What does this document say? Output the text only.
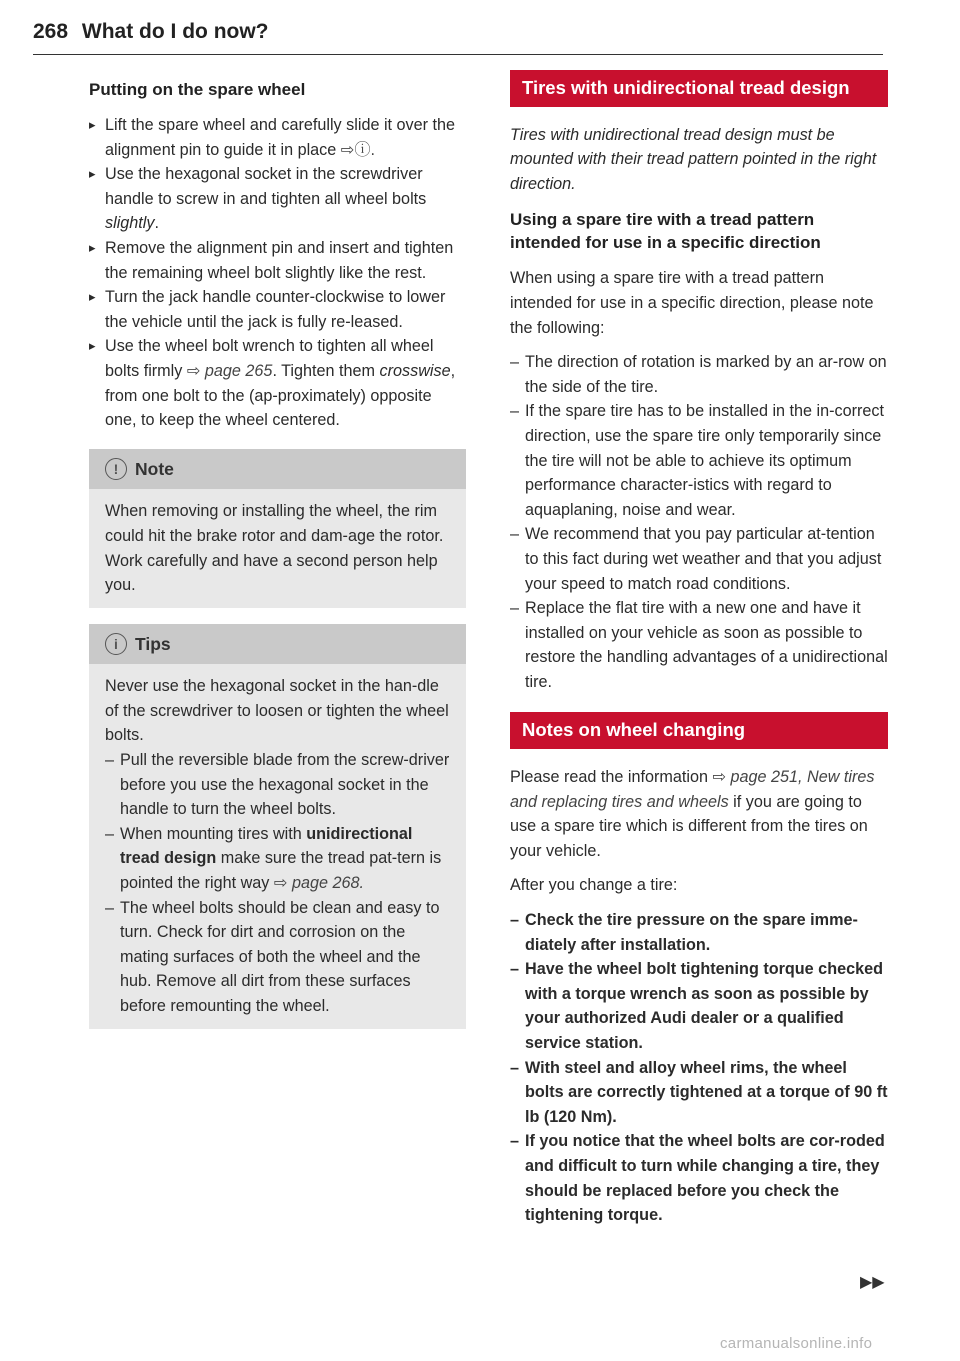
268 What do I do now?
Putting on the spare wheel
▸ Lift the spare wheel and carefully slide it over the alignment pin to guide it in place ⇨ⓘ.
▸ Use the hexagonal socket in the screwdriver handle to screw in and tighten all wheel bolts slightly.
▸ Remove the alignment pin and insert and tighten the remaining wheel bolt slightly like the rest.
▸ Turn the jack handle counter-clockwise to lower the vehicle until the jack is fully re-leased.
▸ Use the wheel bolt wrench to tighten all wheel bolts firmly ⇨ page 265. Tighten them crosswise, from one bolt to the (ap-proximately) opposite one, to keep the wheel centered.
! Note
When removing or installing the wheel, the rim could hit the brake rotor and dam-age the rotor. Work carefully and have a second person help you.
i Tips
Never use the hexagonal socket in the han-dle of the screwdriver to loosen or tighten the wheel bolts.
– Pull the reversible blade from the screw-driver before you use the hexagonal socket in the handle to turn the wheel bolts.
– When mounting tires with unidirectional tread design make sure the tread pat-tern is pointed the right way ⇨ page 268.
– The wheel bolts should be clean and easy to turn. Check for dirt and corrosion on the mating surfaces of both the wheel and the hub. Remove all dirt from these surfaces before remounting the wheel.
Tires with unidirectional tread design
Tires with unidirectional tread design must be mounted with their tread pattern pointed in the right direction.
Using a spare tire with a tread pattern intended for use in a specific direction

When using a spare tire with a tread pattern intended for use in a specific direction, please note the following:

– The direction of rotation is marked by an ar-row on the side of the tire.
– If the spare tire has to be installed in the in-correct direction, use the spare tire only temporarily since the tire will not be able to achieve its optimum performance character-istics with regard to aquaplaning, noise and wear.
– We recommend that you pay particular at-tention to this fact during wet weather and that you adjust your speed to match road conditions.
– Replace the flat tire with a new one and have it installed on your vehicle as soon as possible to restore the handling advantages of a unidirectional tire.
Notes on wheel changing

Please read the information ⇨ page 251, New tires and replacing tires and wheels if you are going to use a spare tire which is different from the tires on your vehicle.

After you change a tire:

– Check the tire pressure on the spare imme-diately after installation.
– Have the wheel bolt tightening torque checked with a torque wrench as soon as possible by your authorized Audi dealer or a qualified service station.
– With steel and alloy wheel rims, the wheel bolts are correctly tightened at a torque of 90 ft lb (120 Nm).
– If you notice that the wheel bolts are cor-roded and difficult to turn while changing a tire, they should be replaced before you check the tightening torque.
▶▶
carmanualsonline.info
